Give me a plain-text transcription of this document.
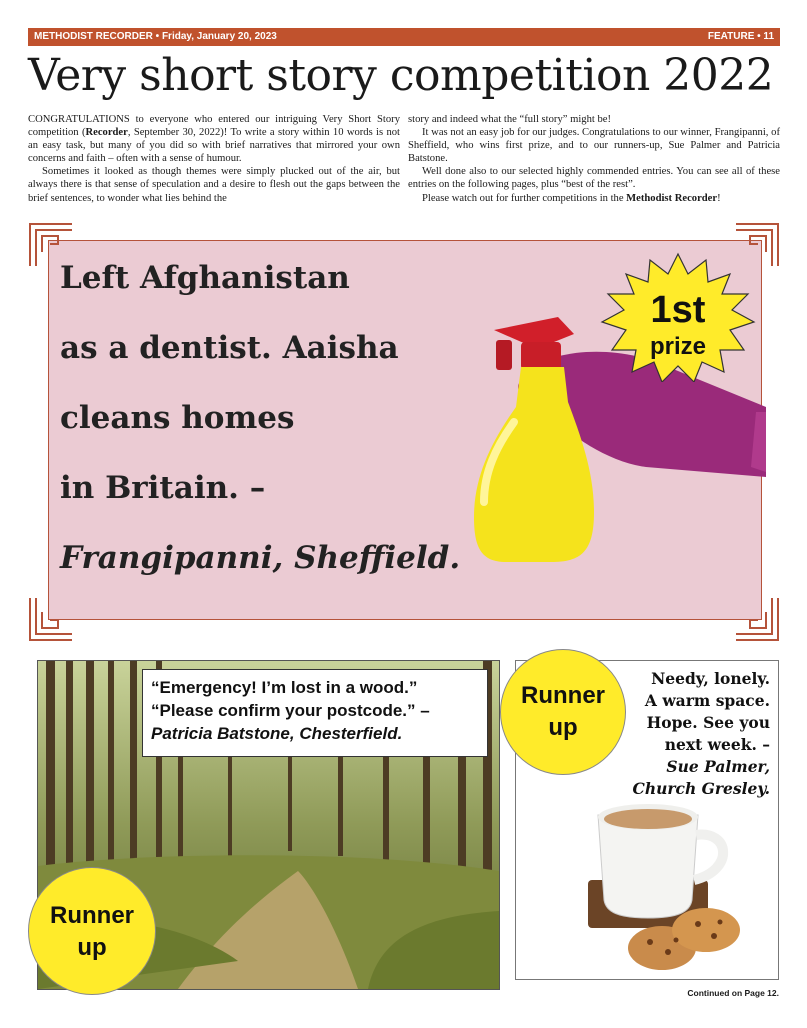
METHODIST RECORDER • Friday, January 20, 2023	FEATURE • 11
Very short story competition 2022

CONGRATULATIONS to everyone who entered our intriguing Very Short Story competition (Recorder, September 30, 2022)! To write a story within 10 words is not an easy task, but many of you did so with brief narratives that mirrored your own concerns and faith – often with a sense of humour.

Sometimes it looked as though themes were simply plucked out of the air, but always there is that sense of speculation and a desire to flesh out the gaps between the brief sentences, to wonder what lies behind the

story and indeed what the “full story” might be!

It was not an easy job for our judges. Congratulations to our winner, Frangipanni, of Sheffield, who wins first prize, and to our runners-up, Sue Palmer and Patricia Batstone.

Well done also to our selected highly commended entries. You can see all of these entries on the following pages, plus “best of the rest”.

Please watch out for further competitions in the Methodist Recorder!

Left Afghanistan
as a dentist. Aaisha
cleans homes
in Britain. –
Frangipanni, Sheffield.
1st
prize
“Emergency! I’m lost in a wood.”
“Please confirm your postcode.” –
Patricia Batstone, Chesterfield.
Runner
up
Runner
up
Needy, lonely.
A warm space.
Hope. See you
next week. –
Sue Palmer,
Church Gresley.
Continued on Page 12.
